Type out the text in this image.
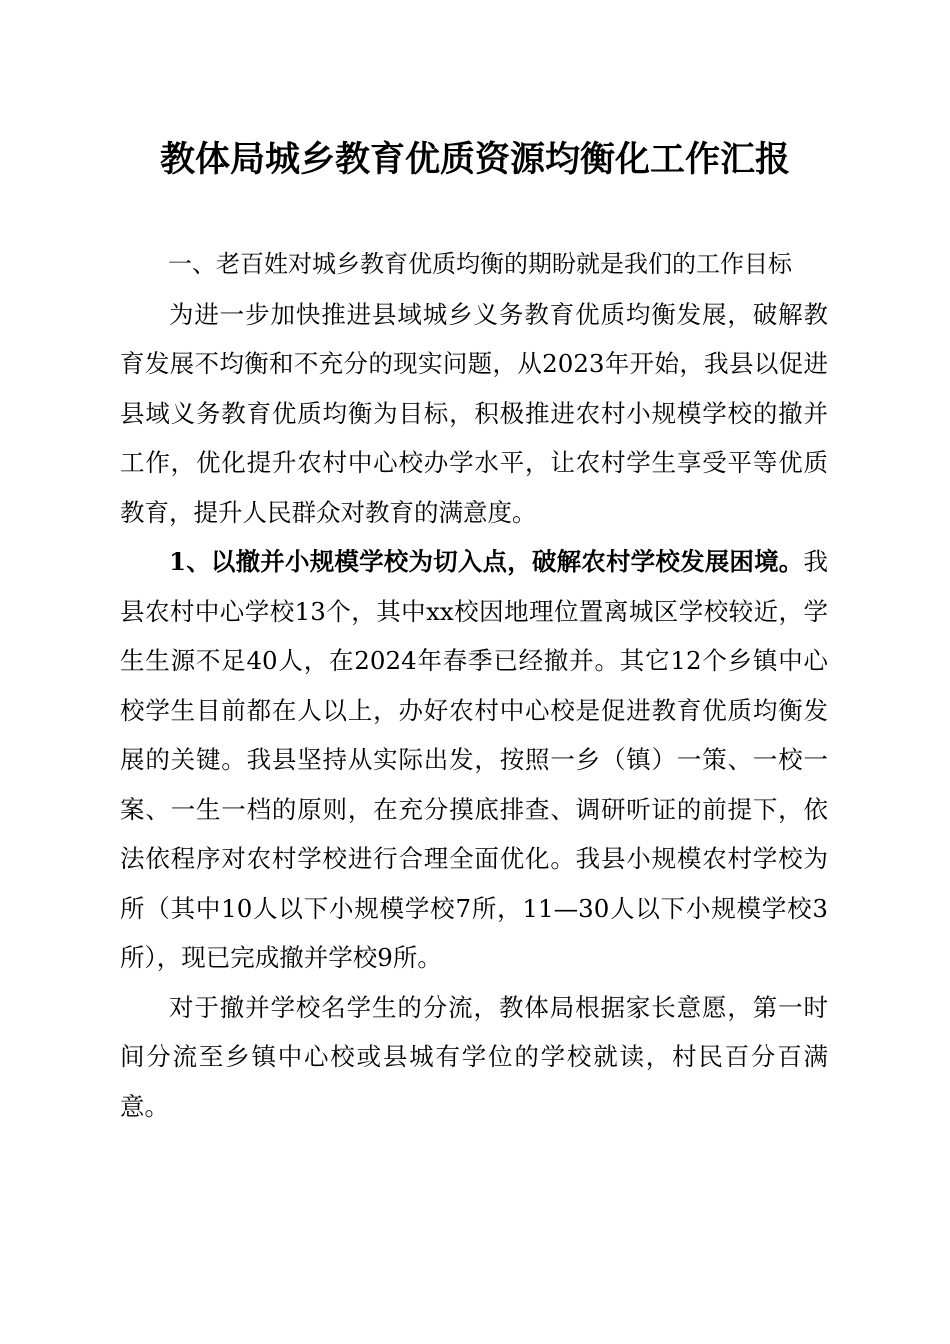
教体局城乡教育优质资源均衡化工作汇报

一、老百姓对城乡教育优质均衡的期盼就是我们的工作目标

为进一步加快推进县域城乡义务教育优质均衡发展，破解教育发展不均衡和不充分的现实问题，从2023年开始，我县以促进县域义务教育优质均衡为目标，积极推进农村小规模学校的撤并工作，优化提升农村中心校办学水平，让农村学生享受平等优质教育，提升人民群众对教育的满意度。

1、以撤并小规模学校为切入点，破解农村学校发展困境。我县农村中心学校13个，其中xx校因地理位置离城区学校较近，学生生源不足40人，在2024年春季已经撤并。其它12个乡镇中心校学生目前都在人以上，办好农村中心校是促进教育优质均衡发展的关键。我县坚持从实际出发，按照一乡（镇）一策、一校一案、一生一档的原则，在充分摸底排查、调研听证的前提下，依法依程序对农村学校进行合理全面优化。我县小规模农村学校为所（其中10人以下小规模学校7所，11—30人以下小规模学校3所），现已完成撤并学校9所。

对于撤并学校名学生的分流，教体局根据家长意愿，第一时间分流至乡镇中心校或县城有学位的学校就读，村民百分百满意。
